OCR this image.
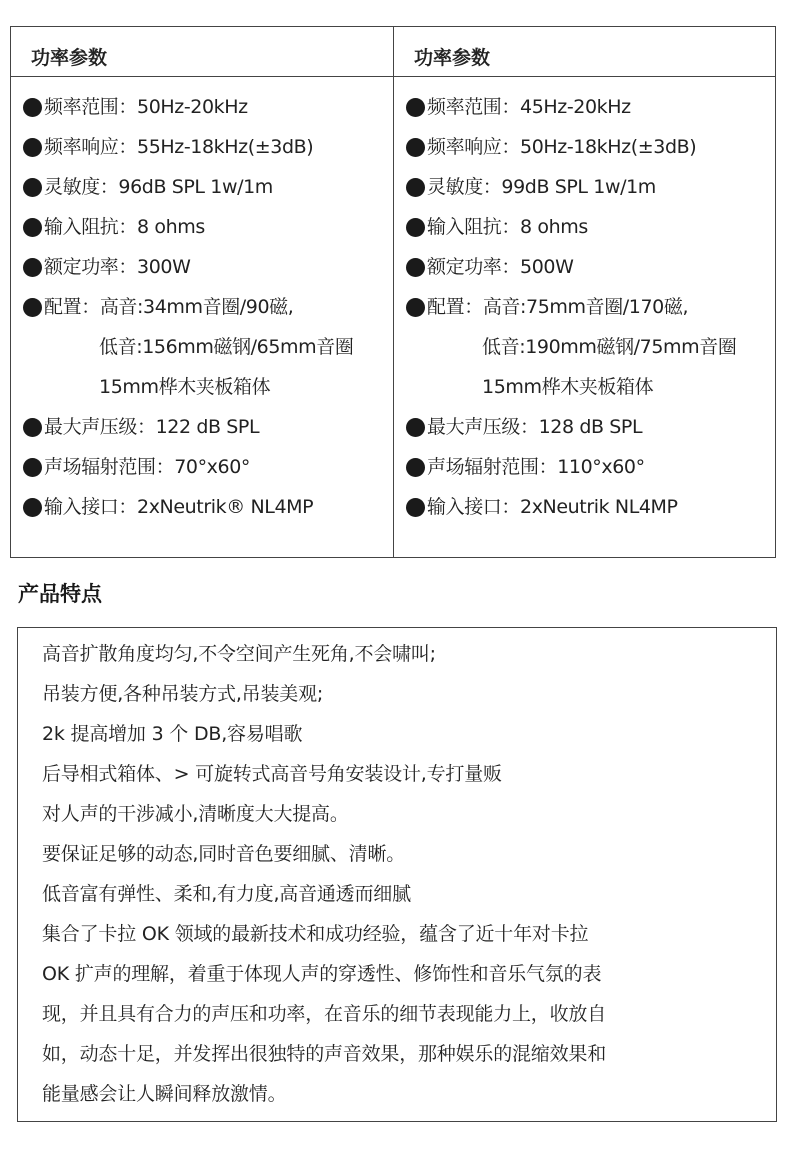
功率参数
频率范围： 50Hz-20kHz
频率响应： 55Hz-18kHz(±3dB)
灵敏度： 96dB SPL 1w/1m
输入阻抗： 8 ohms
额定功率： 300W
配置： 高音:34mm音圈/90磁,
低音:156mm磁钢/65mm音圈
15mm桦木夹板箱体
最大声压级： 122 dB SPL
声场辐射范围： 70°x60°
输入接口： 2xNeutrik® NL4MP
功率参数
频率范围： 45Hz-20kHz
频率响应： 50Hz-18kHz(±3dB)
灵敏度： 99dB SPL 1w/1m
输入阻抗： 8 ohms
额定功率： 500W
配置： 高音:75mm音圈/170磁,
低音:190mm磁钢/75mm音圈
15mm桦木夹板箱体
最大声压级： 128 dB SPL
声场辐射范围： 110°x60°
输入接口： 2xNeutrik NL4MP
产品特点
高音扩散角度均匀,不令空间产生死角,不会啸叫;
吊装方便,各种吊装方式,吊装美观;
2k 提高增加 3 个 DB,容易唱歌
后导相式箱体、> 可旋转式高音号角安装设计,专打量贩
对人声的干涉减小,清晰度大大提高。
要保证足够的动态,同时音色要细腻、清晰。
低音富有弹性、柔和,有力度,高音通透而细腻
集合了卡拉 OK 领域的最新技术和成功经验，蕴含了近十年对卡拉
OK 扩声的理解，着重于体现人声的穿透性、修饰性和音乐气氛的表
现，并且具有合力的声压和功率，在音乐的细节表现能力上，收放自
如，动态十足，并发挥出很独特的声音效果，那种娱乐的混缩效果和
能量感会让人瞬间释放激情。
